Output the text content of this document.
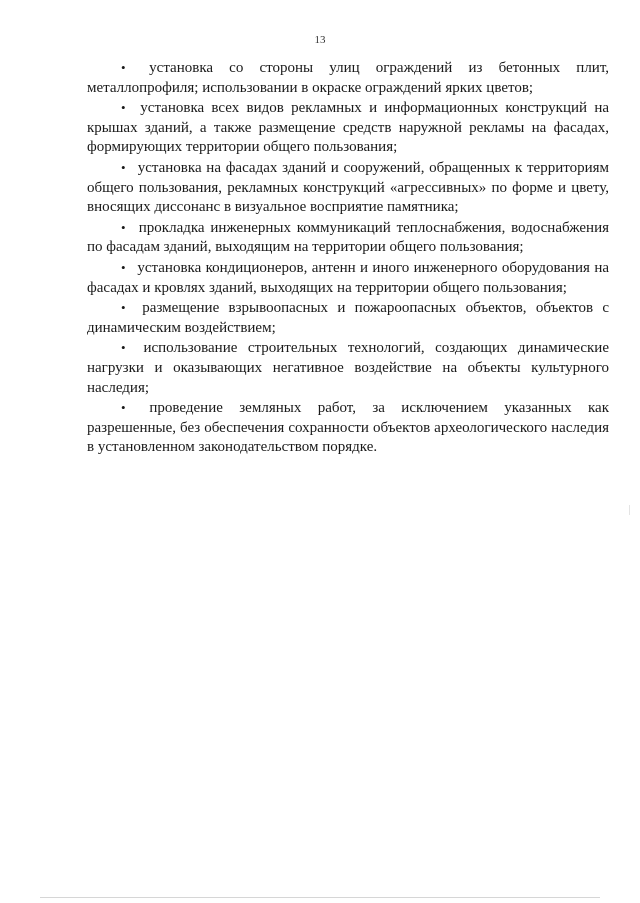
13

• установка со стороны улиц ограждений из бетонных плит, металлопрофиля; использовании в окраске ограждений ярких цветов;

• установка всех видов рекламных и информационных конструкций на крышах зданий, а также размещение средств наружной рекламы на фасадах, формирующих территории общего пользования;

• установка на фасадах зданий и сооружений, обращенных к территориям общего пользования, рекламных конструкций «агрессивных» по форме и цвету, вносящих диссонанс в визуальное восприятие памятника;

• прокладка инженерных коммуникаций теплоснабжения, водоснабжения по фасадам зданий, выходящим на территории общего пользования;

• установка кондиционеров, антенн и иного инженерного оборудования на фасадах и кровлях зданий, выходящих на территории общего пользования;

• размещение взрывоопасных и пожароопасных объектов, объектов с динамическим воздействием;

• использование строительных технологий, создающих динамические нагрузки и оказывающих негативное воздействие на объекты культурного наследия;

• проведение земляных работ, за исключением указанных как разрешенные, без обеспечения сохранности объектов археологического наследия в установленном законодательством порядке.
